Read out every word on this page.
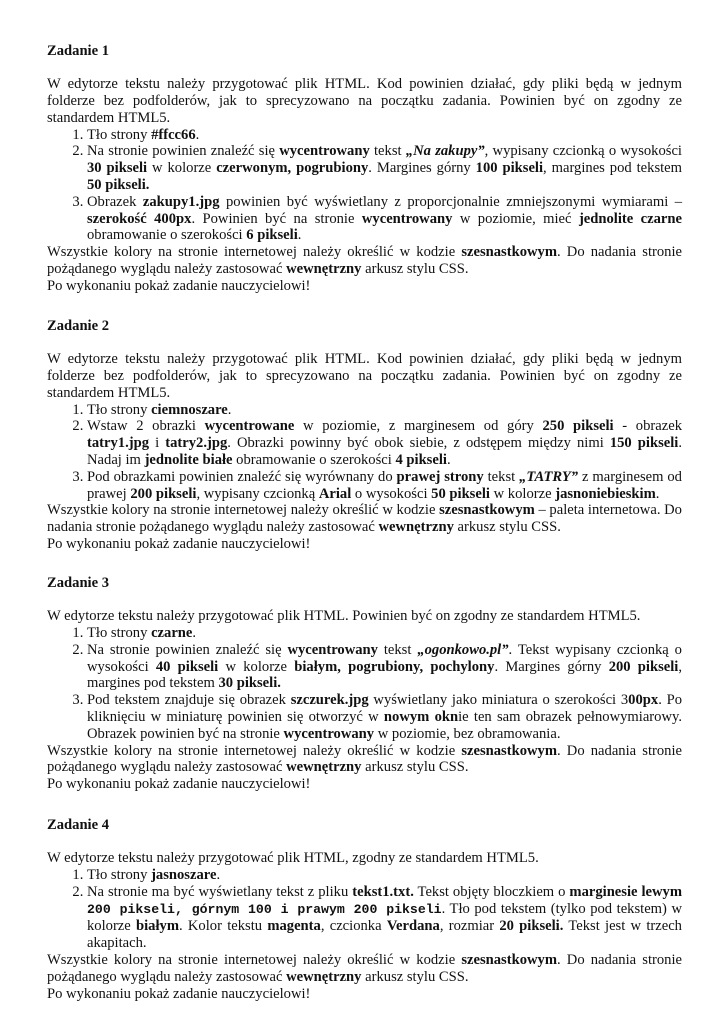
Zadanie 1

W edytorze tekstu należy przygotować plik HTML. Kod powinien działać, gdy pliki będą w jednym folderze bez podfolderów, jak to sprecyzowano na początku zadania. Powinien być on zgodny ze standardem HTML5.

1. Tło strony #ffcc66.
2. Na stronie powinien znaleźć się wycentrowany tekst „Na zakupy”, wypisany czcionką o wysokości 30 pikseli w kolorze czerwonym, pogrubiony. Margines górny 100 pikseli, margines pod tekstem 50 pikseli.
3. Obrazek zakupy1.jpg powinien być wyświetlany z proporcjonalnie zmniejszonymi wymiarami – szerokość 400px. Powinien być na stronie wycentrowany w poziomie, mieć jednolite czarne obramowanie o szerokości 6 pikseli.

Wszystkie kolory na stronie internetowej należy określić w kodzie szesnastkowym. Do nadania stronie pożądanego wyglądu należy zastosować wewnętrzny arkusz stylu CSS.

Po wykonaniu pokaż zadanie nauczycielowi!

Zadanie 2

W edytorze tekstu należy przygotować plik HTML. Kod powinien działać, gdy pliki będą w jednym folderze bez podfolderów, jak to sprecyzowano na początku zadania. Powinien być on zgodny ze standardem HTML5.

1. Tło strony ciemnoszare.
2. Wstaw 2 obrazki wycentrowane w poziomie, z marginesem od góry 250 pikseli - obrazek tatry1.jpg i tatry2.jpg. Obrazki powinny być obok siebie, z odstępem między nimi 150 pikseli. Nadaj im jednolite białe obramowanie o szerokości 4 pikseli.
3. Pod obrazkami powinien znaleźć się wyrównany do prawej strony tekst „TATRY” z marginesem od prawej 200 pikseli, wypisany czcionką Arial o wysokości 50 pikseli w kolorze jasnoniebieskim.

Wszystkie kolory na stronie internetowej należy określić w kodzie szesnastkowym – paleta internetowa. Do nadania stronie pożądanego wyglądu należy zastosować wewnętrzny arkusz stylu CSS.

Po wykonaniu pokaż zadanie nauczycielowi!

Zadanie 3

W edytorze tekstu należy przygotować plik HTML. Powinien być on zgodny ze standardem HTML5.

1. Tło strony czarne.
2. Na stronie powinien znaleźć się wycentrowany tekst „ogonkowo.pl”. Tekst wypisany czcionką o wysokości 40 pikseli w kolorze białym, pogrubiony, pochylony. Margines górny 200 pikseli, margines pod tekstem 30 pikseli.
3. Pod tekstem znajduje się obrazek szczurek.jpg wyświetlany jako miniatura o szerokości 300px. Po kliknięciu w miniaturę powinien się otworzyć w nowym oknie ten sam obrazek pełnowymiarowy. Obrazek powinien być na stronie wycentrowany w poziomie, bez obramowania.

Wszystkie kolory na stronie internetowej należy określić w kodzie szesnastkowym. Do nadania stronie pożądanego wyglądu należy zastosować wewnętrzny arkusz stylu CSS.

Po wykonaniu pokaż zadanie nauczycielowi!

Zadanie 4

W edytorze tekstu należy przygotować plik HTML, zgodny ze standardem HTML5.

1. Tło strony jasnoszare.
2. Na stronie ma być wyświetlany tekst z pliku tekst1.txt. Tekst objęty bloczkiem o marginesie lewym 200 pikseli, górnym 100 i prawym 200 pikseli. Tło pod tekstem (tylko pod tekstem) w kolorze białym. Kolor tekstu magenta, czcionka Verdana, rozmiar 20 pikseli. Tekst jest w trzech akapitach.

Wszystkie kolory na stronie internetowej należy określić w kodzie szesnastkowym. Do nadania stronie pożądanego wyglądu należy zastosować wewnętrzny arkusz stylu CSS.

Po wykonaniu pokaż zadanie nauczycielowi!
